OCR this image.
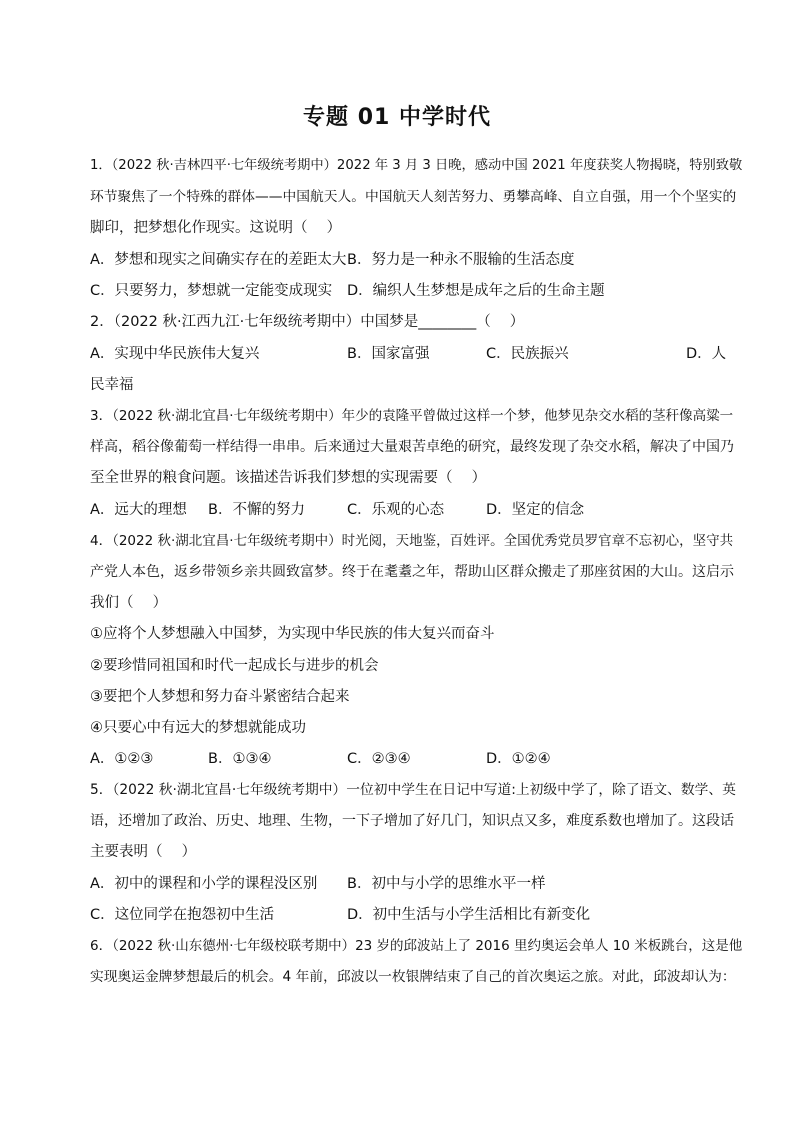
专题 01 中学时代
1．（2022 秋·吉林四平·七年级统考期中）2022 年 3 月 3 日晚，感动中国 2021 年度获奖人物揭晓，特别致敬
环节聚焦了一个特殊的群体——中国航天人。中国航天人刻苦努力、勇攀高峰、自立自强，用一个个坚实的
脚印，把梦想化作现实。这说明（　 ）
A．梦想和现实之间确实存在的差距太大 B．努力是一种永不服输的生活态度
C．只要努力，梦想就一定能变成现实 D．编织人生梦想是成年之后的生命主题
2．（2022 秋·江西九江·七年级统考期中）中国梦是________（　 ）
A．实现中华民族伟大复兴	B．国家富强	C．民族振兴	D．人
民幸福
3．（2022 秋·湖北宜昌·七年级统考期中）年少的袁隆平曾做过这样一个梦，他梦见杂交水稻的茎秆像高粱一
样高，稻谷像葡萄一样结得一串串。后来通过大量艰苦卓绝的研究，最终发现了杂交水稻，解决了中国乃
至全世界的粮食问题。该描述告诉我们梦想的实现需要（　 ）
A．远大的理想 B．不懈的努力	C．乐观的心态	D．坚定的信念
4．（2022 秋·湖北宜昌·七年级统考期中）时光阅，天地鉴，百姓评。全国优秀党员罗官章不忘初心，坚守共
产党人本色，返乡带领乡亲共圆致富梦。终于在耄耋之年，帮助山区群众搬走了那座贫困的大山。这启示
我们（　 ）
①应将个人梦想融入中国梦，为实现中华民族的伟大复兴而奋斗
②要珍惜同祖国和时代一起成长与进步的机会
③要把个人梦想和努力奋斗紧密结合起来
④只要心中有远大的梦想就能成功
A．①②③	B．①③④	C．②③④	D．①②④
5．（2022 秋·湖北宜昌·七年级统考期中）一位初中学生在日记中写道:上初级中学了，除了语文、数学、英
语，还增加了政治、历史、地理、生物，一下子增加了好几门，知识点又多，难度系数也增加了。这段话
主要表明（　 ）
A．初中的课程和小学的课程没区别 B．初中与小学的思维水平一样
C．这位同学在抱怨初中生活	D．初中生活与小学生活相比有新变化
6．（2022 秋·山东德州·七年级校联考期中）23 岁的邱波站上了 2016 里约奥运会单人 10 米板跳台，这是他
实现奥运金牌梦想最后的机会。4 年前，邱波以一枚银牌结束了自己的首次奥运之旅。对此，邱波却认为：
